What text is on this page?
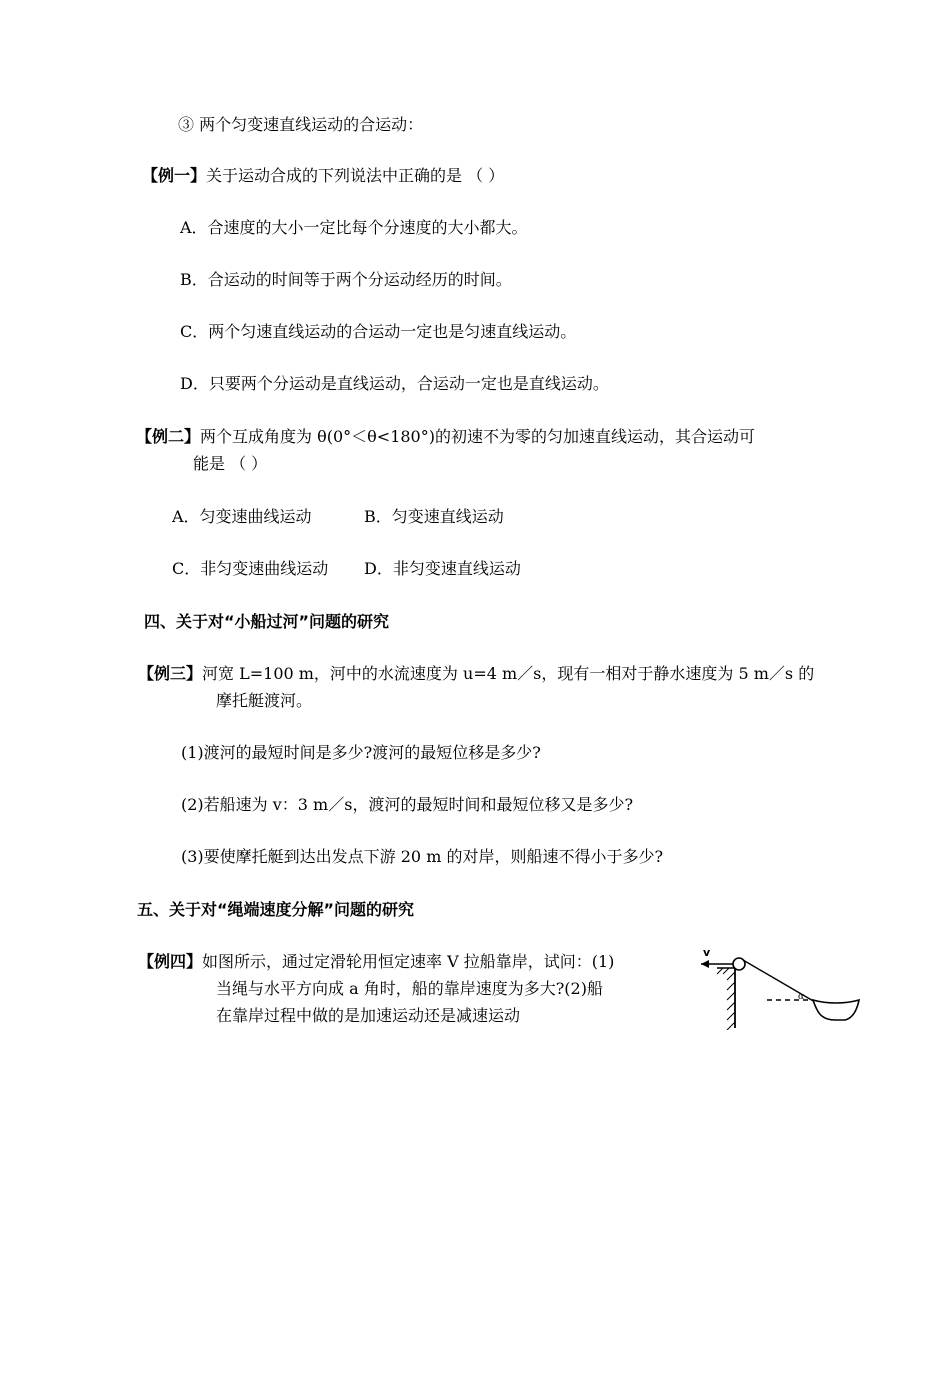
③ 两个匀变速直线运动的合运动：
【例一】关于运动合成的下列说法中正确的是 （ ）
A．合速度的大小一定比每个分速度的大小都大。
B．合运动的时间等于两个分运动经历的时间。
C．两个匀速直线运动的合运动一定也是匀速直线运动。
D．只要两个分运动是直线运动，合运动一定也是直线运动。
【例二】两个互成角度为 θ(0°＜θ<180°)的初速不为零的匀加速直线运动，其合运动可
能是 （ ）
A．匀变速曲线运动	B．匀变速直线运动
C．非匀变速曲线运动 D．非匀变速直线运动
四、关于对“小船过河”问题的研究
【例三】河宽 L=100 m，河中的水流速度为 u=4 m／s，现有一相对于静水速度为 5 m／s 的
摩托艇渡河。
(1)渡河的最短时间是多少?渡河的最短位移是多少?
(2)若船速为 v：3 m／s，渡河的最短时间和最短位移又是多少?
(3)要使摩托艇到达出发点下游 20 m 的对岸，则船速不得小于多少?
五、关于对“绳端速度分解”问题的研究
【例四】如图所示，通过定滑轮用恒定速率 V 拉船靠岸，试问：(1)
当绳与水平方向成 a 角时，船的靠岸速度为多大?(2)船
在靠岸过程中做的是加速运动还是减速运动
v
α
